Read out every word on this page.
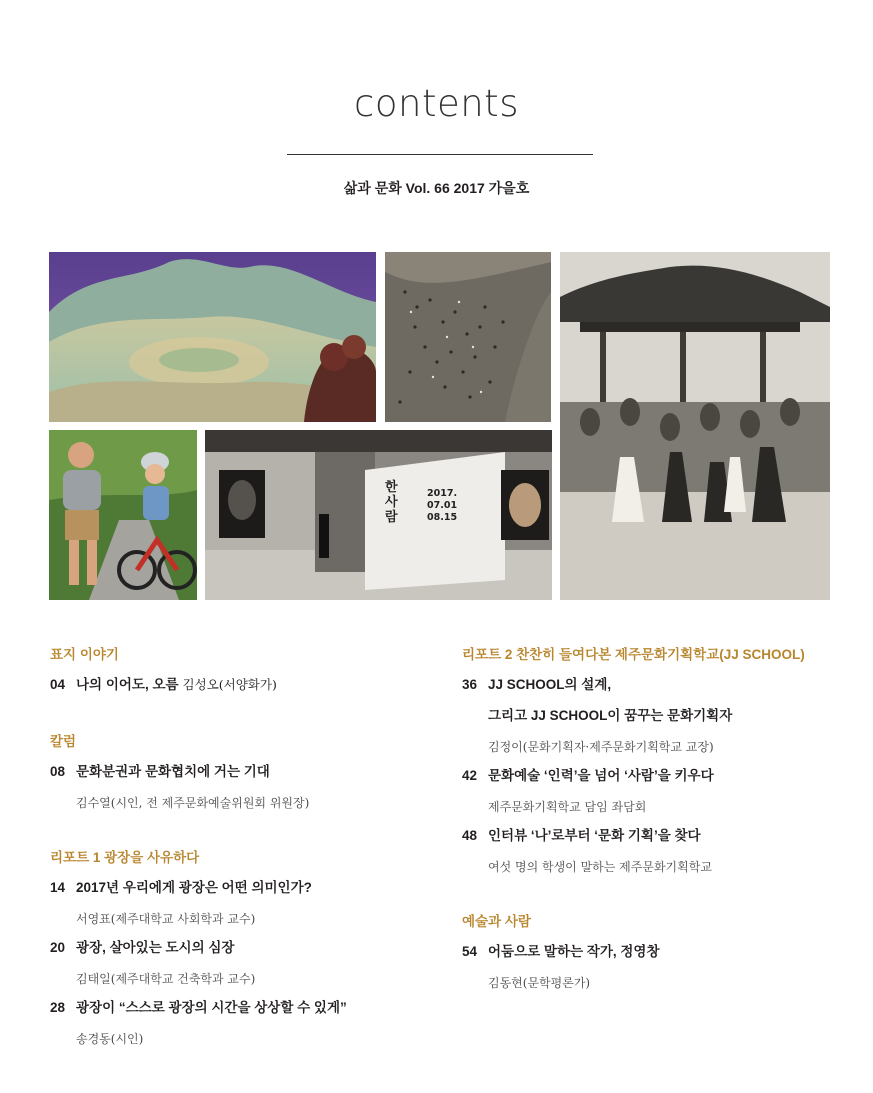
contents
삶과 문화 Vol. 66 2017 가을호
한사람
2017.
07.01
08.15
표지 이야기
04 나의 이어도, 오름 김성오(서양화가)
칼럼
08 문화분권과 문화협치에 거는 기대
김수열(시인, 전 제주문화예술위원회 위원장)
리포트 1 광장을 사유하다
14 2017년 우리에게 광장은 어떤 의미인가?
서영표(제주대학교 사회학과 교수)
20 광장, 살아있는 도시의 심장
김태일(제주대학교 건축학과 교수)
28 광장이 “스스로 광장의 시간을 상상할 수 있게”
송경동(시인)
리포트 2 찬찬히 들여다본 제주문화기획학교(JJ SCHOOL)
36 JJ SCHOOL의 설계,
그리고 JJ SCHOOL이 꿈꾸는 문화기획자
김정이(문화기획자·제주문화기획학교 교장)
42 문화예술 ‘인력’을 넘어 ‘사람’을 키우다
제주문화기획학교 담임 좌담회
48 인터뷰 ‘나’로부터 ‘문화 기획’을 찾다
여섯 명의 학생이 말하는 제주문화기획학교
예술과 사람
54 어둠으로 말하는 작가, 정영창
김동현(문학평론가)
